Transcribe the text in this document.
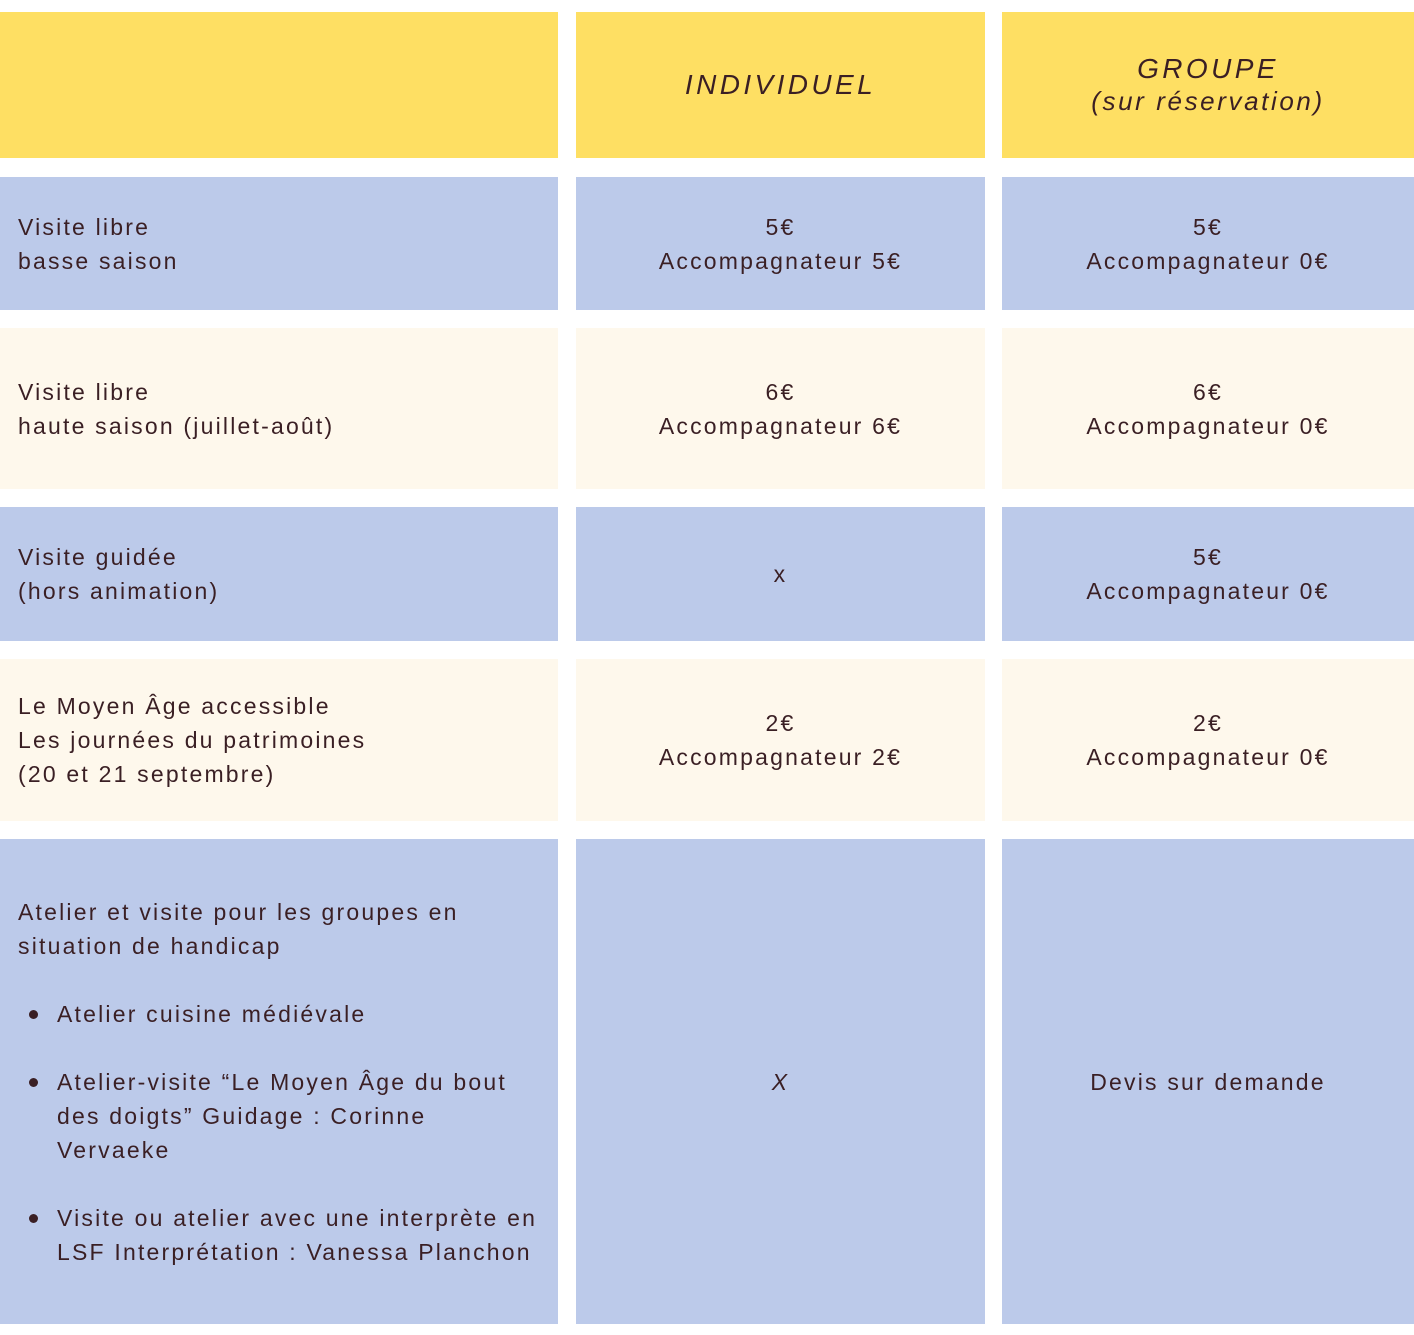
INDIVIDUEL
GROUPE
(sur réservation)
Visite libre
basse saison
5€
Accompagnateur 5€
5€
Accompagnateur 0€
Visite libre
haute saison (juillet-août)
6€
Accompagnateur 6€
6€
Accompagnateur 0€
Visite guidée
(hors animation)
x
5€
Accompagnateur 0€
Le Moyen Âge accessible
Les journées du patrimoines
(20 et 21 septembre)
2€
Accompagnateur 2€
2€
Accompagnateur 0€
Atelier et visite pour les groupes en situation de handicap
Atelier cuisine médiévale
Atelier-visite “Le Moyen Âge du bout des doigts” Guidage : Corinne Vervaeke
Visite ou atelier avec une interprète en LSF Interprétation : Vanessa Planchon
X	Devis sur demande
